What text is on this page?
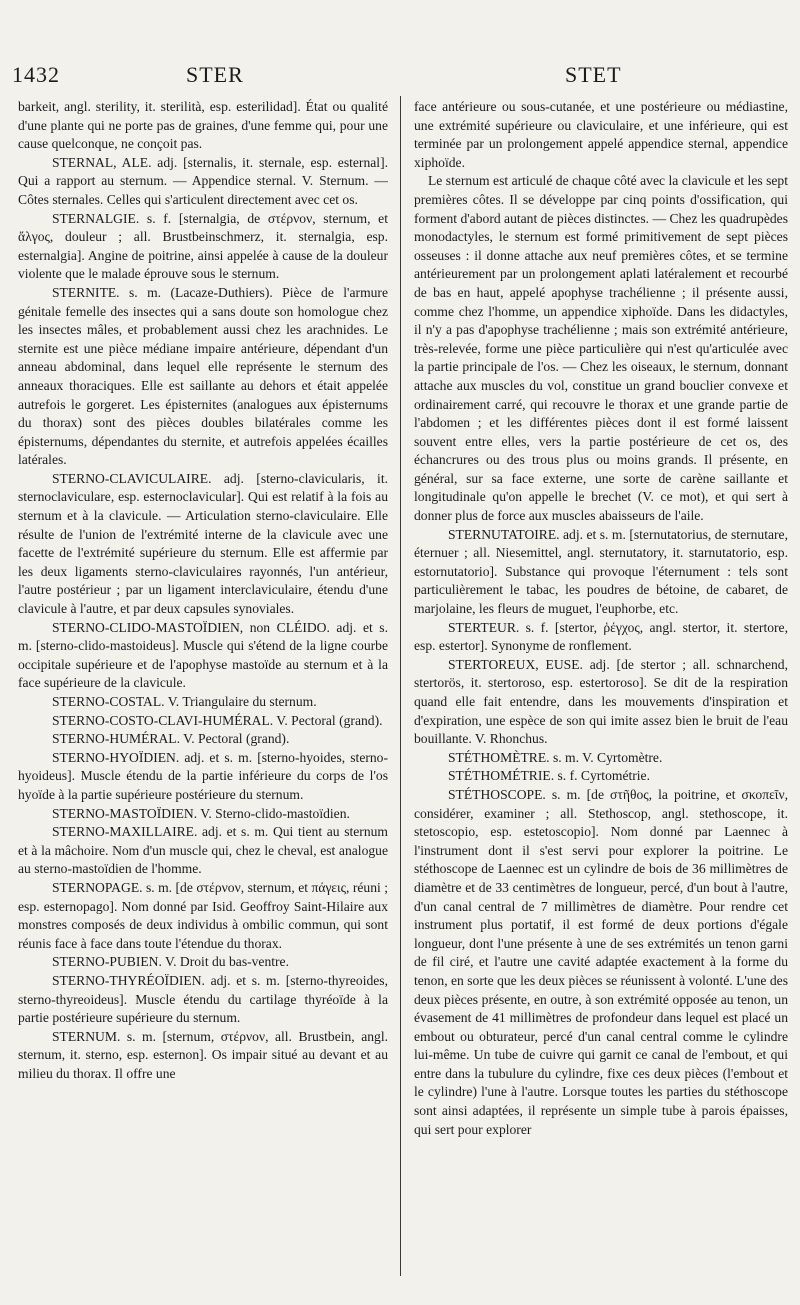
1432	STER	STET

barkeit, angl. sterility, it. sterilità, esp. esterilidad]. État ou qualité d'une plante qui ne porte pas de graines, d'une femme qui, pour une cause quelconque, ne conçoit pas.

STERNAL, ALE. adj. [sternalis, it. sternale, esp. esternal]. Qui a rapport au sternum. — Appendice sternal. V. Sternum. — Côtes sternales. Celles qui s'articulent directement avec cet os.

STERNALGIE. s. f. [sternalgia, de στέρνον, sternum, et ἄλγος, douleur ; all. Brustbeinschmerz, it. sternalgia, esp. esternalgia]. Angine de poitrine, ainsi appelée à cause de la douleur violente que le malade éprouve sous le sternum.

STERNITE. s. m. (Lacaze-Duthiers). Pièce de l'armure génitale femelle des insectes qui a sans doute son homologue chez les insectes mâles, et probablement aussi chez les arachnides. Le sternite est une pièce médiane impaire antérieure, dépendant d'un anneau abdominal, dans lequel elle représente le sternum des anneaux thoraciques. Elle est saillante au dehors et était appelée autrefois le gorgeret. Les épisternites (analogues aux épisternums du thorax) sont des pièces doubles bilatérales comme les épisternums, dépendantes du sternite, et autrefois appelées écailles latérales.

STERNO-CLAVICULAIRE. adj. [sterno-clavicularis, it. sternoclaviculare, esp. esternoclavicular]. Qui est relatif à la fois au sternum et à la clavicule. — Articulation sterno-claviculaire. Elle résulte de l'union de l'extrémité interne de la clavicule avec une facette de l'extrémité supérieure du sternum. Elle est affermie par les deux ligaments sterno-claviculaires rayonnés, l'un antérieur, l'autre postérieur ; par un ligament interclaviculaire, étendu d'une clavicule à l'autre, et par deux capsules synoviales.

STERNO-CLIDO-MASTOÏDIEN, non CLÉIDO. adj. et s. m. [sterno-clido-mastoideus]. Muscle qui s'étend de la ligne courbe occipitale supérieure et de l'apophyse mastoïde au sternum et à la face supérieure de la clavicule.

STERNO-COSTAL. V. Triangulaire du sternum.

STERNO-COSTO-CLAVI-HUMÉRAL. V. Pectoral (grand).

STERNO-HUMÉRAL. V. Pectoral (grand).

STERNO-HYOÏDIEN. adj. et s. m. [sterno-hyoides, sterno-hyoideus]. Muscle étendu de la partie inférieure du corps de l'os hyoïde à la partie supérieure postérieure du sternum.

STERNO-MASTOÏDIEN. V. Sterno-clido-mastoïdien.

STERNO-MAXILLAIRE. adj. et s. m. Qui tient au sternum et à la mâchoire. Nom d'un muscle qui, chez le cheval, est analogue au sterno-mastoïdien de l'homme.

STERNOPAGE. s. m. [de στέρνον, sternum, et πάγεις, réuni ; esp. esternopago]. Nom donné par Isid. Geoffroy Saint-Hilaire aux monstres composés de deux individus à ombilic commun, qui sont réunis face à face dans toute l'étendue du thorax.

STERNO-PUBIEN. V. Droit du bas-ventre.

STERNO-THYRÉOÏDIEN. adj. et s. m. [sterno-thyreoides, sterno-thyreoideus]. Muscle étendu du cartilage thyréoïde à la partie postérieure supérieure du sternum.

STERNUM. s. m. [sternum, στέρνον, all. Brustbein, angl. sternum, it. sterno, esp. esternon]. Os impair situé au devant et au milieu du thorax. Il offre une

face antérieure ou sous-cutanée, et une postérieure ou médiastine, une extrémité supérieure ou claviculaire, et une inférieure, qui est terminée par un prolongement appelé appendice sternal, appendice xiphoïde.

Le sternum est articulé de chaque côté avec la clavicule et les sept premières côtes. Il se développe par cinq points d'ossification, qui forment d'abord autant de pièces distinctes. — Chez les quadrupèdes monodactyles, le sternum est formé primitivement de sept pièces osseuses : il donne attache aux neuf premières côtes, et se termine antérieurement par un prolongement aplati latéralement et recourbé de bas en haut, appelé apophyse trachélienne ; il présente aussi, comme chez l'homme, un appendice xiphoïde. Dans les didactyles, il n'y a pas d'apophyse trachélienne ; mais son extrémité antérieure, très-relevée, forme une pièce particulière qui n'est qu'articulée avec la partie principale de l'os. — Chez les oiseaux, le sternum, donnant attache aux muscles du vol, constitue un grand bouclier convexe et ordinairement carré, qui recouvre le thorax et une grande partie de l'abdomen ; et les différentes pièces dont il est formé laissent souvent entre elles, vers la partie postérieure de cet os, des échancrures ou des trous plus ou moins grands. Il présente, en général, sur sa face externe, une sorte de carène saillante et longitudinale qu'on appelle le brechet (V. ce mot), et qui sert à donner plus de force aux muscles abaisseurs de l'aile.

STERNUTATOIRE. adj. et s. m. [sternutatorius, de sternutare, éternuer ; all. Niesemittel, angl. sternutatory, it. starnutatorio, esp. estornutatorio]. Substance qui provoque l'éternument : tels sont particulièrement le tabac, les poudres de bétoine, de cabaret, de marjolaine, les fleurs de muguet, l'euphorbe, etc.

STERTEUR. s. f. [stertor, ῥέγχος, angl. stertor, it. stertore, esp. estertor]. Synonyme de ronflement.

STERTOREUX, EUSE. adj. [de stertor ; all. schnarchend, stertorös, it. stertoroso, esp. estertoroso]. Se dit de la respiration quand elle fait entendre, dans les mouvements d'inspiration et d'expiration, une espèce de son qui imite assez bien le bruit de l'eau bouillante. V. Rhonchus.

STÉTHOMÈTRE. s. m. V. Cyrtomètre.

STÉTHOMÉTRIE. s. f. Cyrtométrie.

STÉTHOSCOPE. s. m. [de στῆθος, la poitrine, et σκοπεῖν, considérer, examiner ; all. Stethoscop, angl. stethoscope, it. stetoscopio, esp. estetoscopio]. Nom donné par Laennec à l'instrument dont il s'est servi pour explorer la poitrine. Le stéthoscope de Laennec est un cylindre de bois de 36 millimètres de diamètre et de 33 centimètres de longueur, percé, d'un bout à l'autre, d'un canal central de 7 millimètres de diamètre. Pour rendre cet instrument plus portatif, il est formé de deux portions d'égale longueur, dont l'une présente à une de ses extrémités un tenon garni de fil ciré, et l'autre une cavité adaptée exactement à la forme du tenon, en sorte que les deux pièces se réunissent à volonté. L'une des deux pièces présente, en outre, à son extrémité opposée au tenon, un évasement de 41 millimètres de profondeur dans lequel est placé un embout ou obturateur, percé d'un canal central comme le cylindre lui-même. Un tube de cuivre qui garnit ce canal de l'embout, et qui entre dans la tubulure du cylindre, fixe ces deux pièces (l'embout et le cylindre) l'une à l'autre. Lorsque toutes les parties du stéthoscope sont ainsi adaptées, il représente un simple tube à parois épaisses, qui sert pour explorer
